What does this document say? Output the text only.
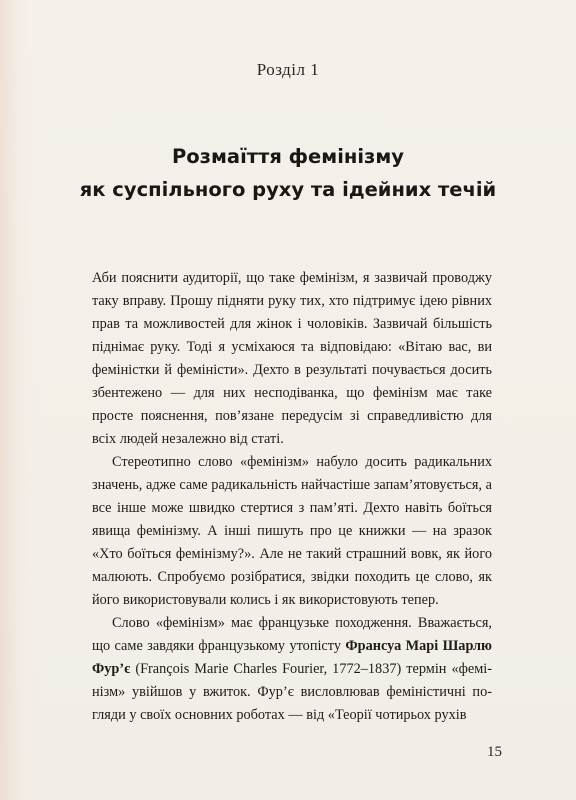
Розділ 1
Розмаїття фемінізму
як суспільного руху та ідейних течій

Аби пояснити аудиторії, що таке фемінізм, я зазвичай проводжу таку вправу. Прошу підняти руку тих, хто підтримує ідею рівних прав та можливостей для жінок і чоловіків. Зазвичай більшість піднімає руку. Тоді я усміхаюся та відповідаю: «Вітаю вас, ви феміністки й феміністи». Дехто в результаті почувається досить збентежено — для них несподіванка, що фемінізм має таке просте пояснення, пов’язане передусім зі справедливістю для всіх людей незалежно від статі.

Стереотипно слово «фемінізм» набуло досить радикальних значень, адже саме радикальність найчастіше запам’ятовується, а все інше може швидко стертися з пам’яті. Дехто навіть боїться явища фемінізму. А інші пишуть про це книжки — на зразок «Хто боїться фемінізму?». Але не такий страшний вовк, як його малюють. Спробуємо розібратися, звідки походить це слово, як його використовували колись і як використовують тепер.

Слово «фемінізм» має французьке походження. Вважається, що саме завдяки французькому утопісту Франсуа Марі Шарлю Фур’є (François Marie Charles Fourier, 1772–1837) термін «фемінізм» увійшов у вжиток. Фур’є висловлював феміністичні погляди у своїх основних роботах — від «Теорії чотирьох рухів

15
